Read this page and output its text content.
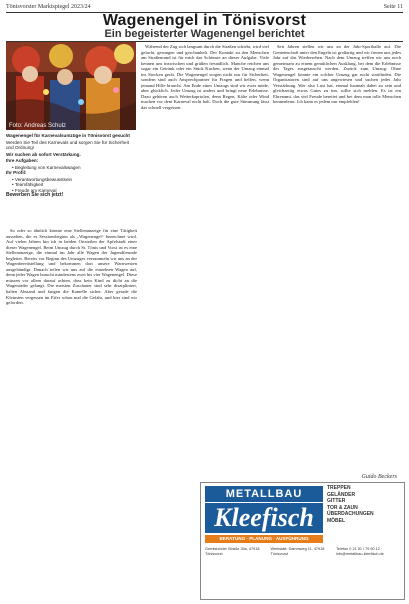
Tönisvorster Marktspiegel 2023/24	Seite 11
Wagenengel in Tönisvorst
Ein begeisterter Wagenengel berichtet
Foto: Andreas Schulz

Wagenengel für Karnevalsumzüge in Tönisvorst gesucht

Werden Sie Teil des Karnevals und sorgen Sie für Sicherheit und Ordnung!

Wir suchen ab sofort Verstärkung.

Ihre Aufgaben:

• Begleitung von Karnevalswagen

Ihr Profil:

• Verantwortungsbewusstsein
• Teamfähigkeit
• Freude am Karneval

Bewerben Sie sich jetzt!

So oder so ähnlich könnte eine Stellenanzeige für eine Tätigkeit aussehen, die es Sessionsbeginn als „Wagenengel“ bezeichnet wird. Auf vielen Jahren bin ich in beiden Ortsteilen der Apfelstadt einer dieser Wagenengel. Beim Umzug durch St. Tönis und Vorst ist es eine Stellenanzeige, die einmal im Jahr alle Wagen der Jugendfreunde begleitet. Bereits vor Beginn des Umzuges versammeln wir uns an der Wagenbereitstellung und bekommen dort unsere Warnwesten ausgehändigt. Danach teilen wir uns auf die einzelnen Wagen auf, denn jeder Wagen braucht mindestens zwei bis vier Wagenengel. Diese müssen vor allem darauf achten, dass kein Kind zu dicht an die Wagenräder gelangt. Die meisten Zuschauer sind sehr diszipliniert, halten Abstand und fangen die Kamelle sicher. Aber gerade die Kleinsten vergessen im Eifer schon mal die Gefahr, und hier sind wir gefordert.

Während der Zug sich langsam durch die Straßen schiebt, wird viel gelacht, gesungen und geschunkelt. Der Kontakt zu den Menschen am Straßenrand ist für mich das Schönste an dieser Aufgabe. Viele kennen uns inzwischen und grüßen freundlich. Manche reichen uns sogar ein Getränk oder ein Stück Kuchen, wenn der Umzug einmal ins Stocken gerät. Die Wagenengel sorgen nicht nur für Sicherheit, sondern sind auch Ansprechpartner für Fragen und helfen, wenn jemand Hilfe braucht. Am Ende eines Umzugs sind wir zwar müde, aber glücklich. Jeder Umzug ist anders und bringt neue Erlebnisse. Dazu gehören auch Wetterkapriolen, denn Regen, Kälte oder Wind machen vor dem Karneval nicht halt. Doch die gute Stimmung lässt das schnell vergessen.

Seit Jahren stellen wir uns an der Jubi-Sporthalle auf. Die Gemeinschaft unter den Engeln ist großartig und wir freuen uns jedes Jahr auf das Wiedersehen. Nach dem Umzug treffen wir uns noch gemeinsam zu einem gemütlichen Ausklang, bei dem die Erlebnisse des Tages ausgetauscht werden. Zurück zum Umzug: Ohne Wagenengel könnte ein solcher Umzug gar nicht stattfinden. Die Organisatoren sind auf uns angewiesen und suchen jedes Jahr Verstärkung. Wer also Lust hat, einmal hautnah dabei zu sein und gleichzeitig etwas Gutes zu tun, sollte sich melden. Es ist ein Ehrenamt, das viel Freude bereitet und bei dem man tolle Menschen kennenlernt. Ich kann es jedem nur empfehlen!

Guido Beckers
METALLBAU
Kleefisch
BERATUNG · PLANUNG · AUSFÜHRUNG
TREPPEN
GELÄNDER
GITTER
TOR & ZAUN
ÜBERDACHUNGEN
MÖBEL
Gerritsheider Straße 33a, 47918 Tönisvorst
Werkstatt: Dammweg 11, 47918 Tönisvorst
Telefon 0 21 51 / 79 90 12 · info@metallbau-kleefisch.de
